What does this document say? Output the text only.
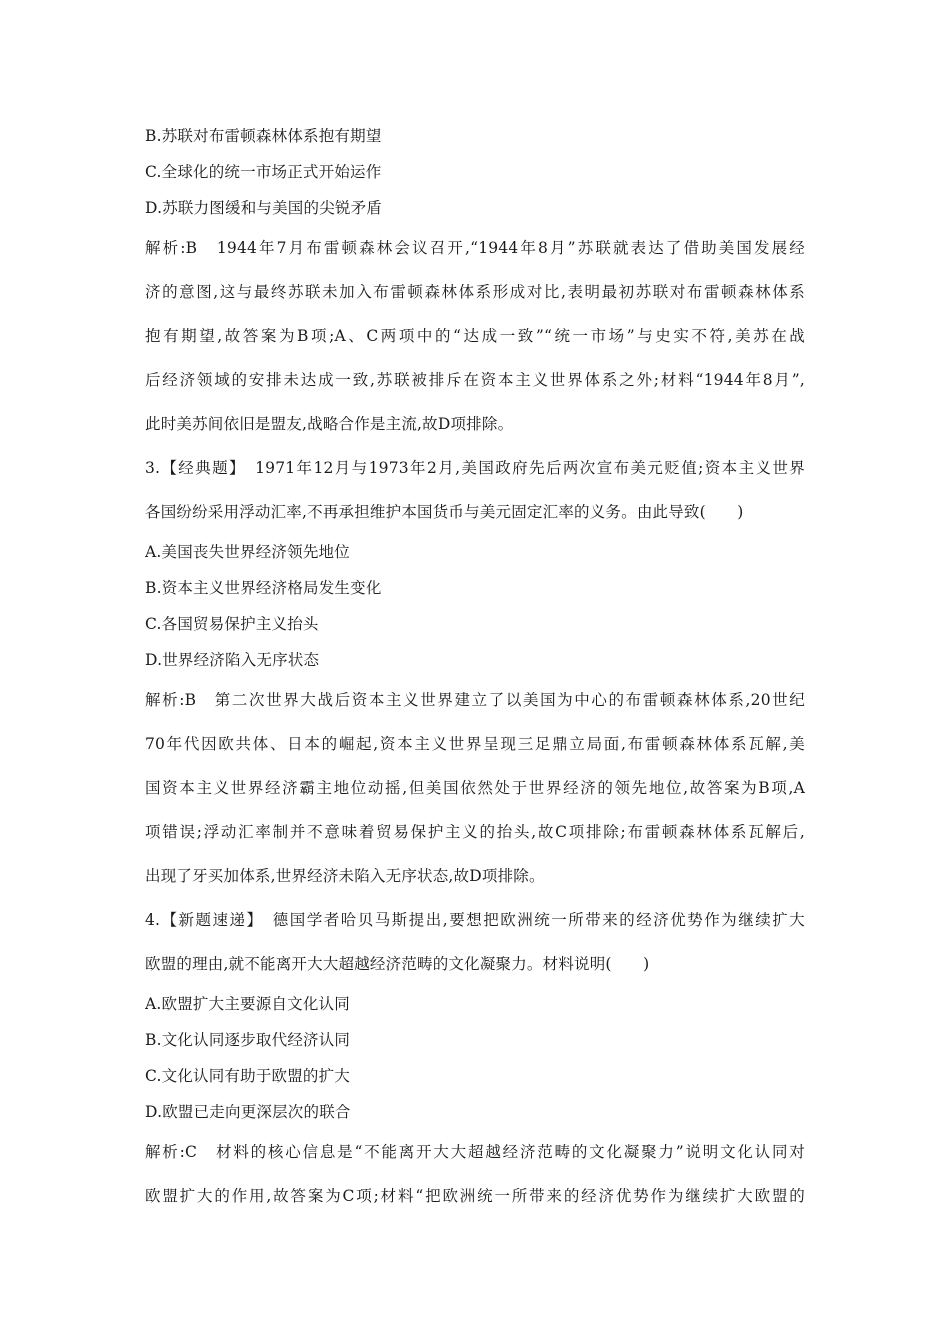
B.苏联对布雷顿森林体系抱有期望
C.全球化的统一市场正式开始运作
D.苏联力图缓和与美国的尖锐矛盾
解析:B　1944年7月布雷顿森林会议召开,“1944年8月”苏联就表达了借助美国发展经
济的意图,这与最终苏联未加入布雷顿森林体系形成对比,表明最初苏联对布雷顿森林体系
抱有期望,故答案为B项;A、C两项中的“达成一致”“统一市场”与史实不符,美苏在战
后经济领域的安排未达成一致,苏联被排斥在资本主义世界体系之外;材料“1944年8月”,
此时美苏间依旧是盟友,战略合作是主流,故D项排除。
3.【经典题】　1971年12月与1973年2月,美国政府先后两次宣布美元贬值;资本主义世界
各国纷纷采用浮动汇率,不再承担维护本国货币与美元固定汇率的义务。由此导致(　　)
A.美国丧失世界经济领先地位
B.资本主义世界经济格局发生变化
C.各国贸易保护主义抬头
D.世界经济陷入无序状态
解析:B　第二次世界大战后资本主义世界建立了以美国为中心的布雷顿森林体系,20世纪
70年代因欧共体、日本的崛起,资本主义世界呈现三足鼎立局面,布雷顿森林体系瓦解,美
国资本主义世界经济霸主地位动摇,但美国依然处于世界经济的领先地位,故答案为B项,A
项错误;浮动汇率制并不意味着贸易保护主义的抬头,故C项排除;布雷顿森林体系瓦解后,
出现了牙买加体系,世界经济未陷入无序状态,故D项排除。
4.【新题速递】　德国学者哈贝马斯提出,要想把欧洲统一所带来的经济优势作为继续扩大
欧盟的理由,就不能离开大大超越经济范畴的文化凝聚力。材料说明(　　)
A.欧盟扩大主要源自文化认同
B.文化认同逐步取代经济认同
C.文化认同有助于欧盟的扩大
D.欧盟已走向更深层次的联合
解析:C　材料的核心信息是“不能离开大大超越经济范畴的文化凝聚力”说明文化认同对
欧盟扩大的作用,故答案为C项;材料“把欧洲统一所带来的经济优势作为继续扩大欧盟的
